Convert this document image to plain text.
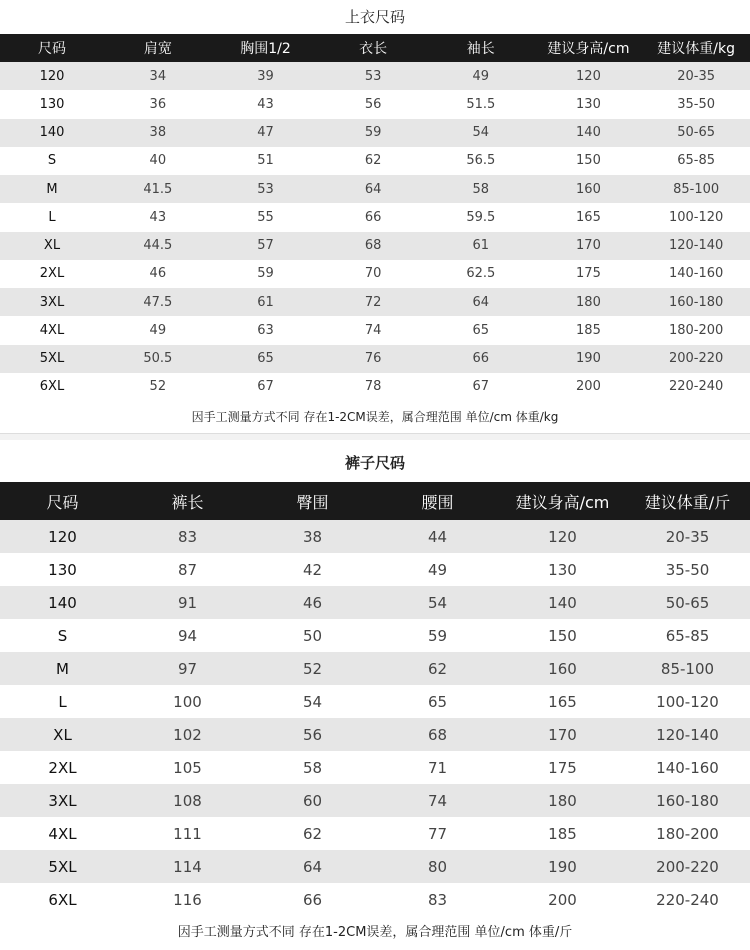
上衣尺码
尺码	肩宽	胸围1/2	衣长	袖长	建议身高/cm	建议体重/kg
120	34	39	53	49	120	20-35
130	36	43	56	51.5	130	35-50
140	38	47	59	54	140	50-65
S	40	51	62	56.5	150	65-85
M	41.5	53	64	58	160	85-100
L	43	55	66	59.5	165	100-120
XL	44.5	57	68	61	170	120-140
2XL	46	59	70	62.5	175	140-160
3XL	47.5	61	72	64	180	160-180
4XL	49	63	74	65	185	180-200
5XL	50.5	65	76	66	190	200-220
6XL	52	67	78	67	200	220-240
因手工测量方式不同 存在1-2CM误差，属合理范围 单位/cm 体重/kg
裤子尺码
尺码	裤长	臀围	腰围	建议身高/cm	建议体重/斤
120	83	38	44	120	20-35
130	87	42	49	130	35-50
140	91	46	54	140	50-65
S	94	50	59	150	65-85
M	97	52	62	160	85-100
L	100	54	65	165	100-120
XL	102	56	68	170	120-140
2XL	105	58	71	175	140-160
3XL	108	60	74	180	160-180
4XL	111	62	77	185	180-200
5XL	114	64	80	190	200-220
6XL	116	66	83	200	220-240
因手工测量方式不同 存在1-2CM误差，属合理范围 单位/cm 体重/斤
